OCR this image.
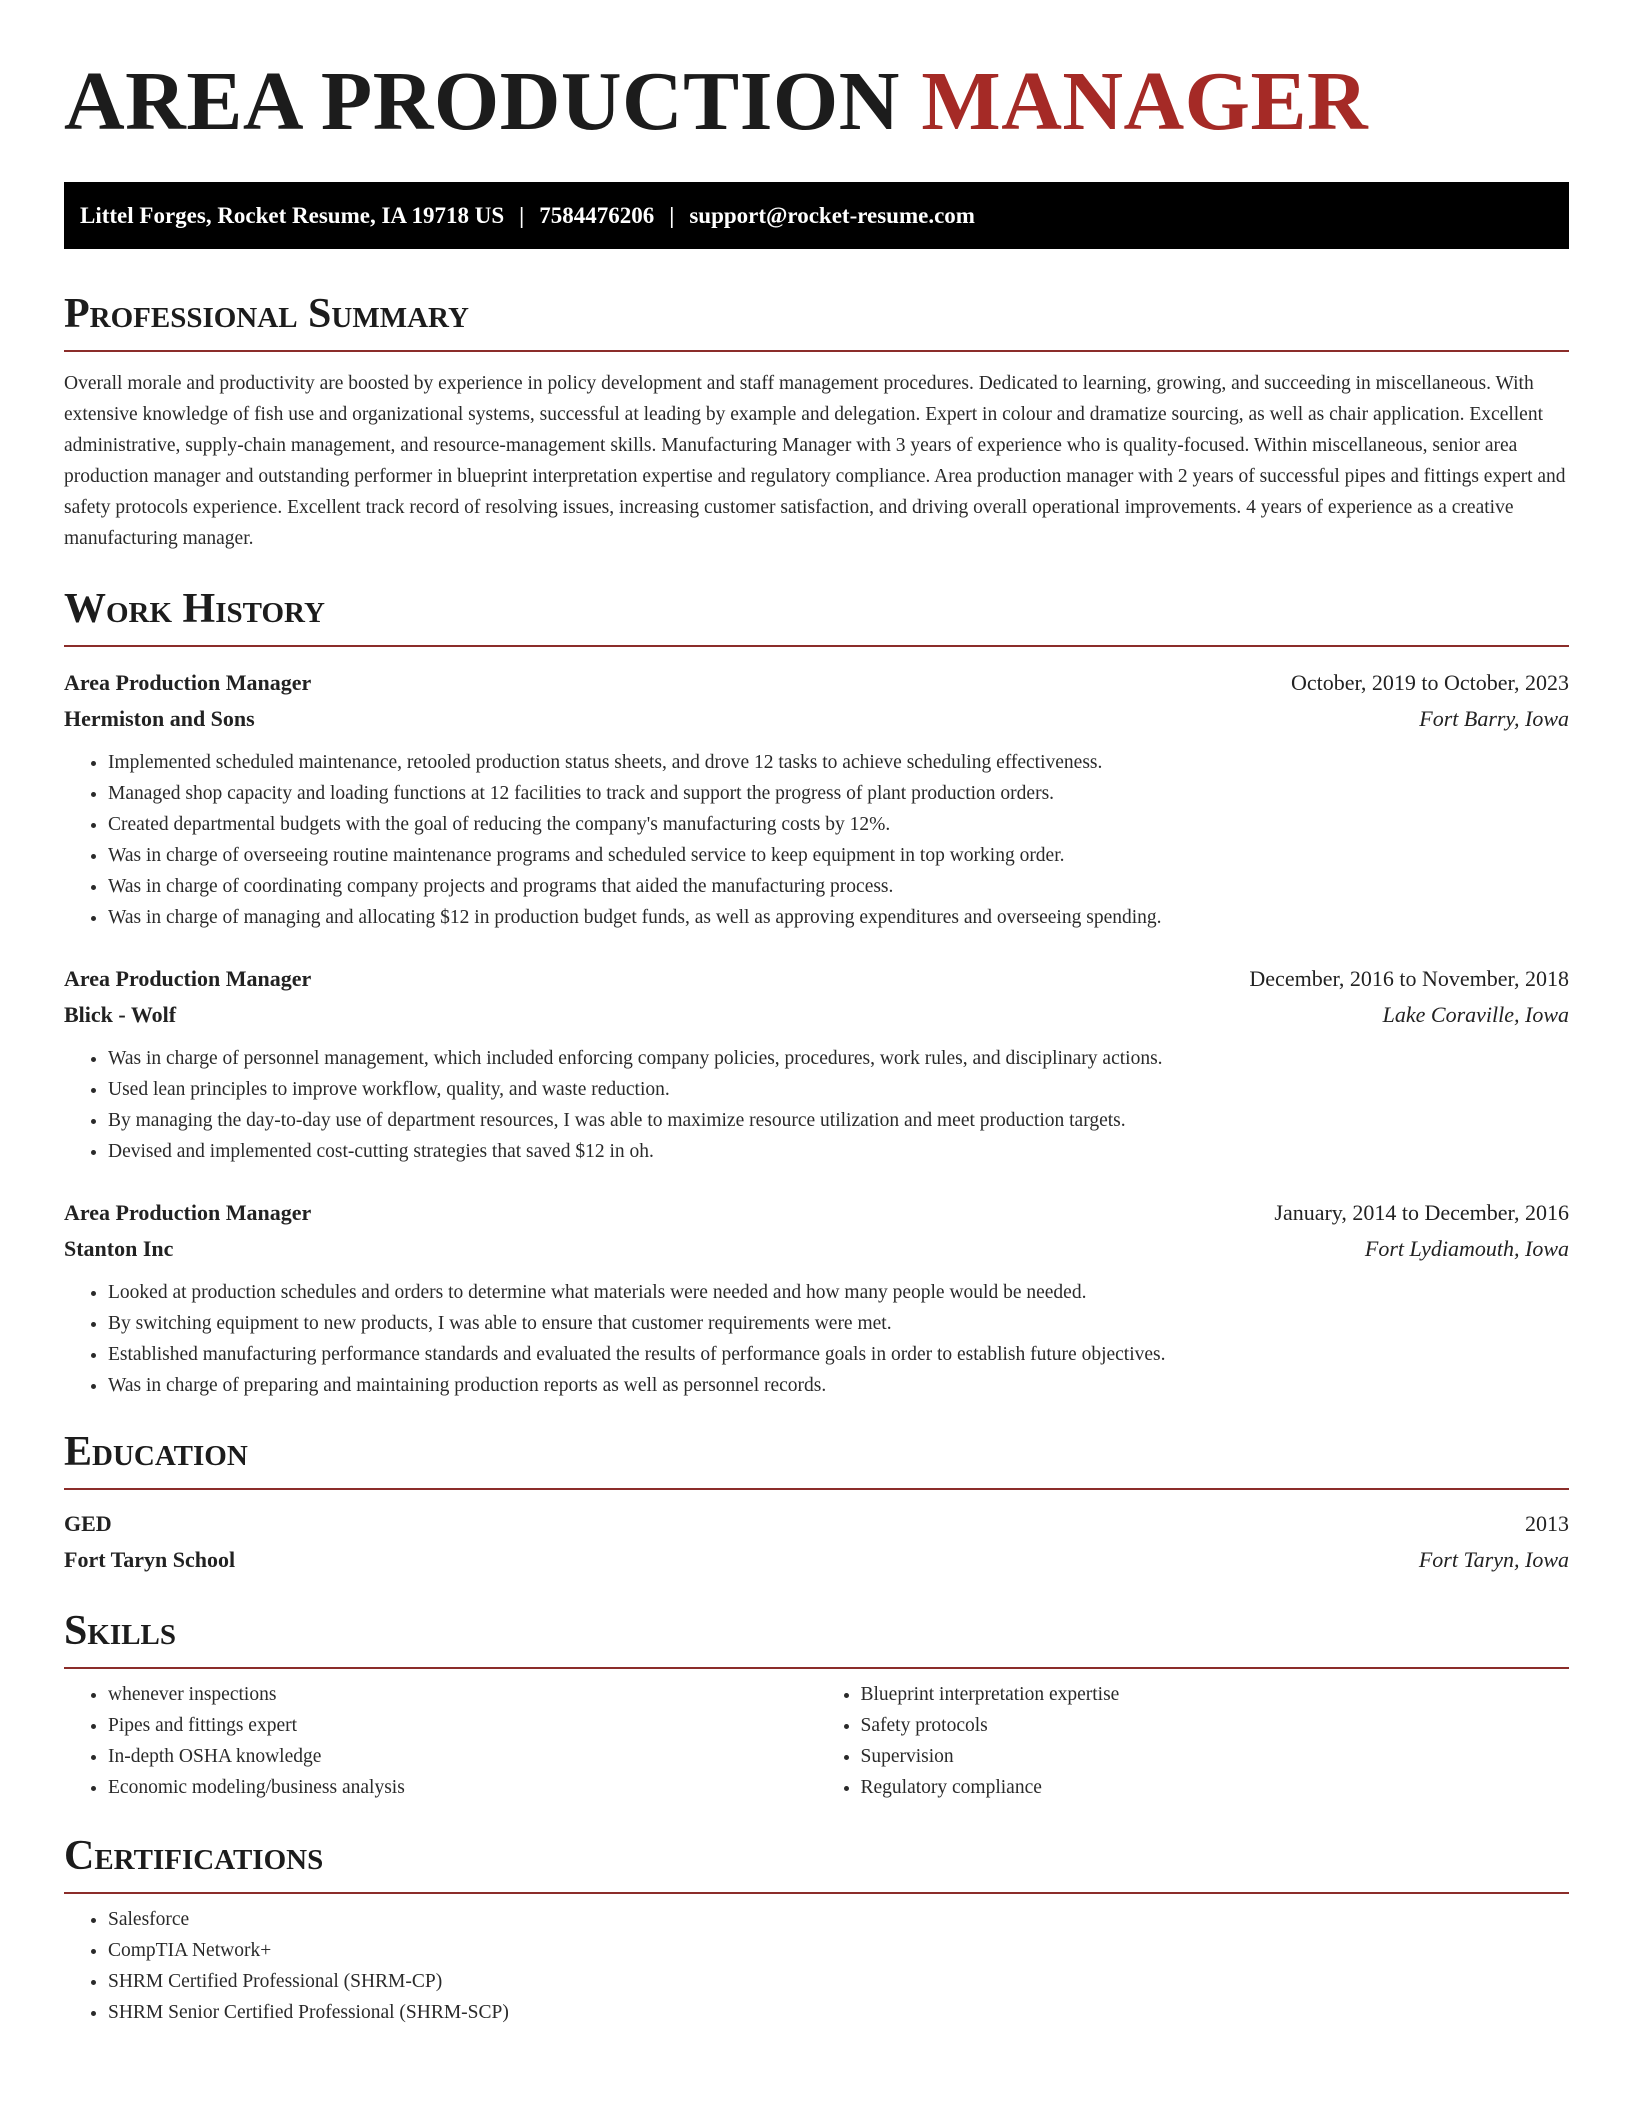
AREA PRODUCTION MANAGER
Littel Forges, Rocket Resume, IA 19718 US | 7584476206 | support@rocket-resume.com
Professional Summary

Overall morale and productivity are boosted by experience in policy development and staff management procedures. Dedicated to learning, growing, and succeeding in miscellaneous. With extensive knowledge of fish use and organizational systems, successful at leading by example and delegation. Expert in colour and dramatize sourcing, as well as chair application. Excellent administrative, supply-chain management, and resource-management skills. Manufacturing Manager with 3 years of experience who is quality-focused. Within miscellaneous, senior area production manager and outstanding performer in blueprint interpretation expertise and regulatory compliance. Area production manager with 2 years of successful pipes and fittings expert and safety protocols experience. Excellent track record of resolving issues, increasing customer satisfaction, and driving overall operational improvements. 4 years of experience as a creative manufacturing manager.

Work History
Area Production Manager	October, 2019 to October, 2023
Hermiston and Sons	Fort Barry, Iowa
• Implemented scheduled maintenance, retooled production status sheets, and drove 12 tasks to achieve scheduling effectiveness.
• Managed shop capacity and loading functions at 12 facilities to track and support the progress of plant production orders.
• Created departmental budgets with the goal of reducing the company's manufacturing costs by 12%.
• Was in charge of overseeing routine maintenance programs and scheduled service to keep equipment in top working order.
• Was in charge of coordinating company projects and programs that aided the manufacturing process.
• Was in charge of managing and allocating $12 in production budget funds, as well as approving expenditures and overseeing spending.
Area Production Manager	December, 2016 to November, 2018
Blick - Wolf	Lake Coraville, Iowa
• Was in charge of personnel management, which included enforcing company policies, procedures, work rules, and disciplinary actions.
• Used lean principles to improve workflow, quality, and waste reduction.
• By managing the day-to-day use of department resources, I was able to maximize resource utilization and meet production targets.
• Devised and implemented cost-cutting strategies that saved $12 in oh.
Area Production Manager	January, 2014 to December, 2016
Stanton Inc	Fort Lydiamouth, Iowa
• Looked at production schedules and orders to determine what materials were needed and how many people would be needed.
• By switching equipment to new products, I was able to ensure that customer requirements were met.
• Established manufacturing performance standards and evaluated the results of performance goals in order to establish future objectives.
• Was in charge of preparing and maintaining production reports as well as personnel records.
Education
GED	2013
Fort Taryn School	Fort Taryn, Iowa
Skills
• whenever inspections
• Pipes and fittings expert
• In-depth OSHA knowledge
• Economic modeling/business analysis
• Blueprint interpretation expertise
• Safety protocols
• Supervision
• Regulatory compliance
Certifications
• Salesforce
• CompTIA Network+
• SHRM Certified Professional (SHRM-CP)
• SHRM Senior Certified Professional (SHRM-SCP)
